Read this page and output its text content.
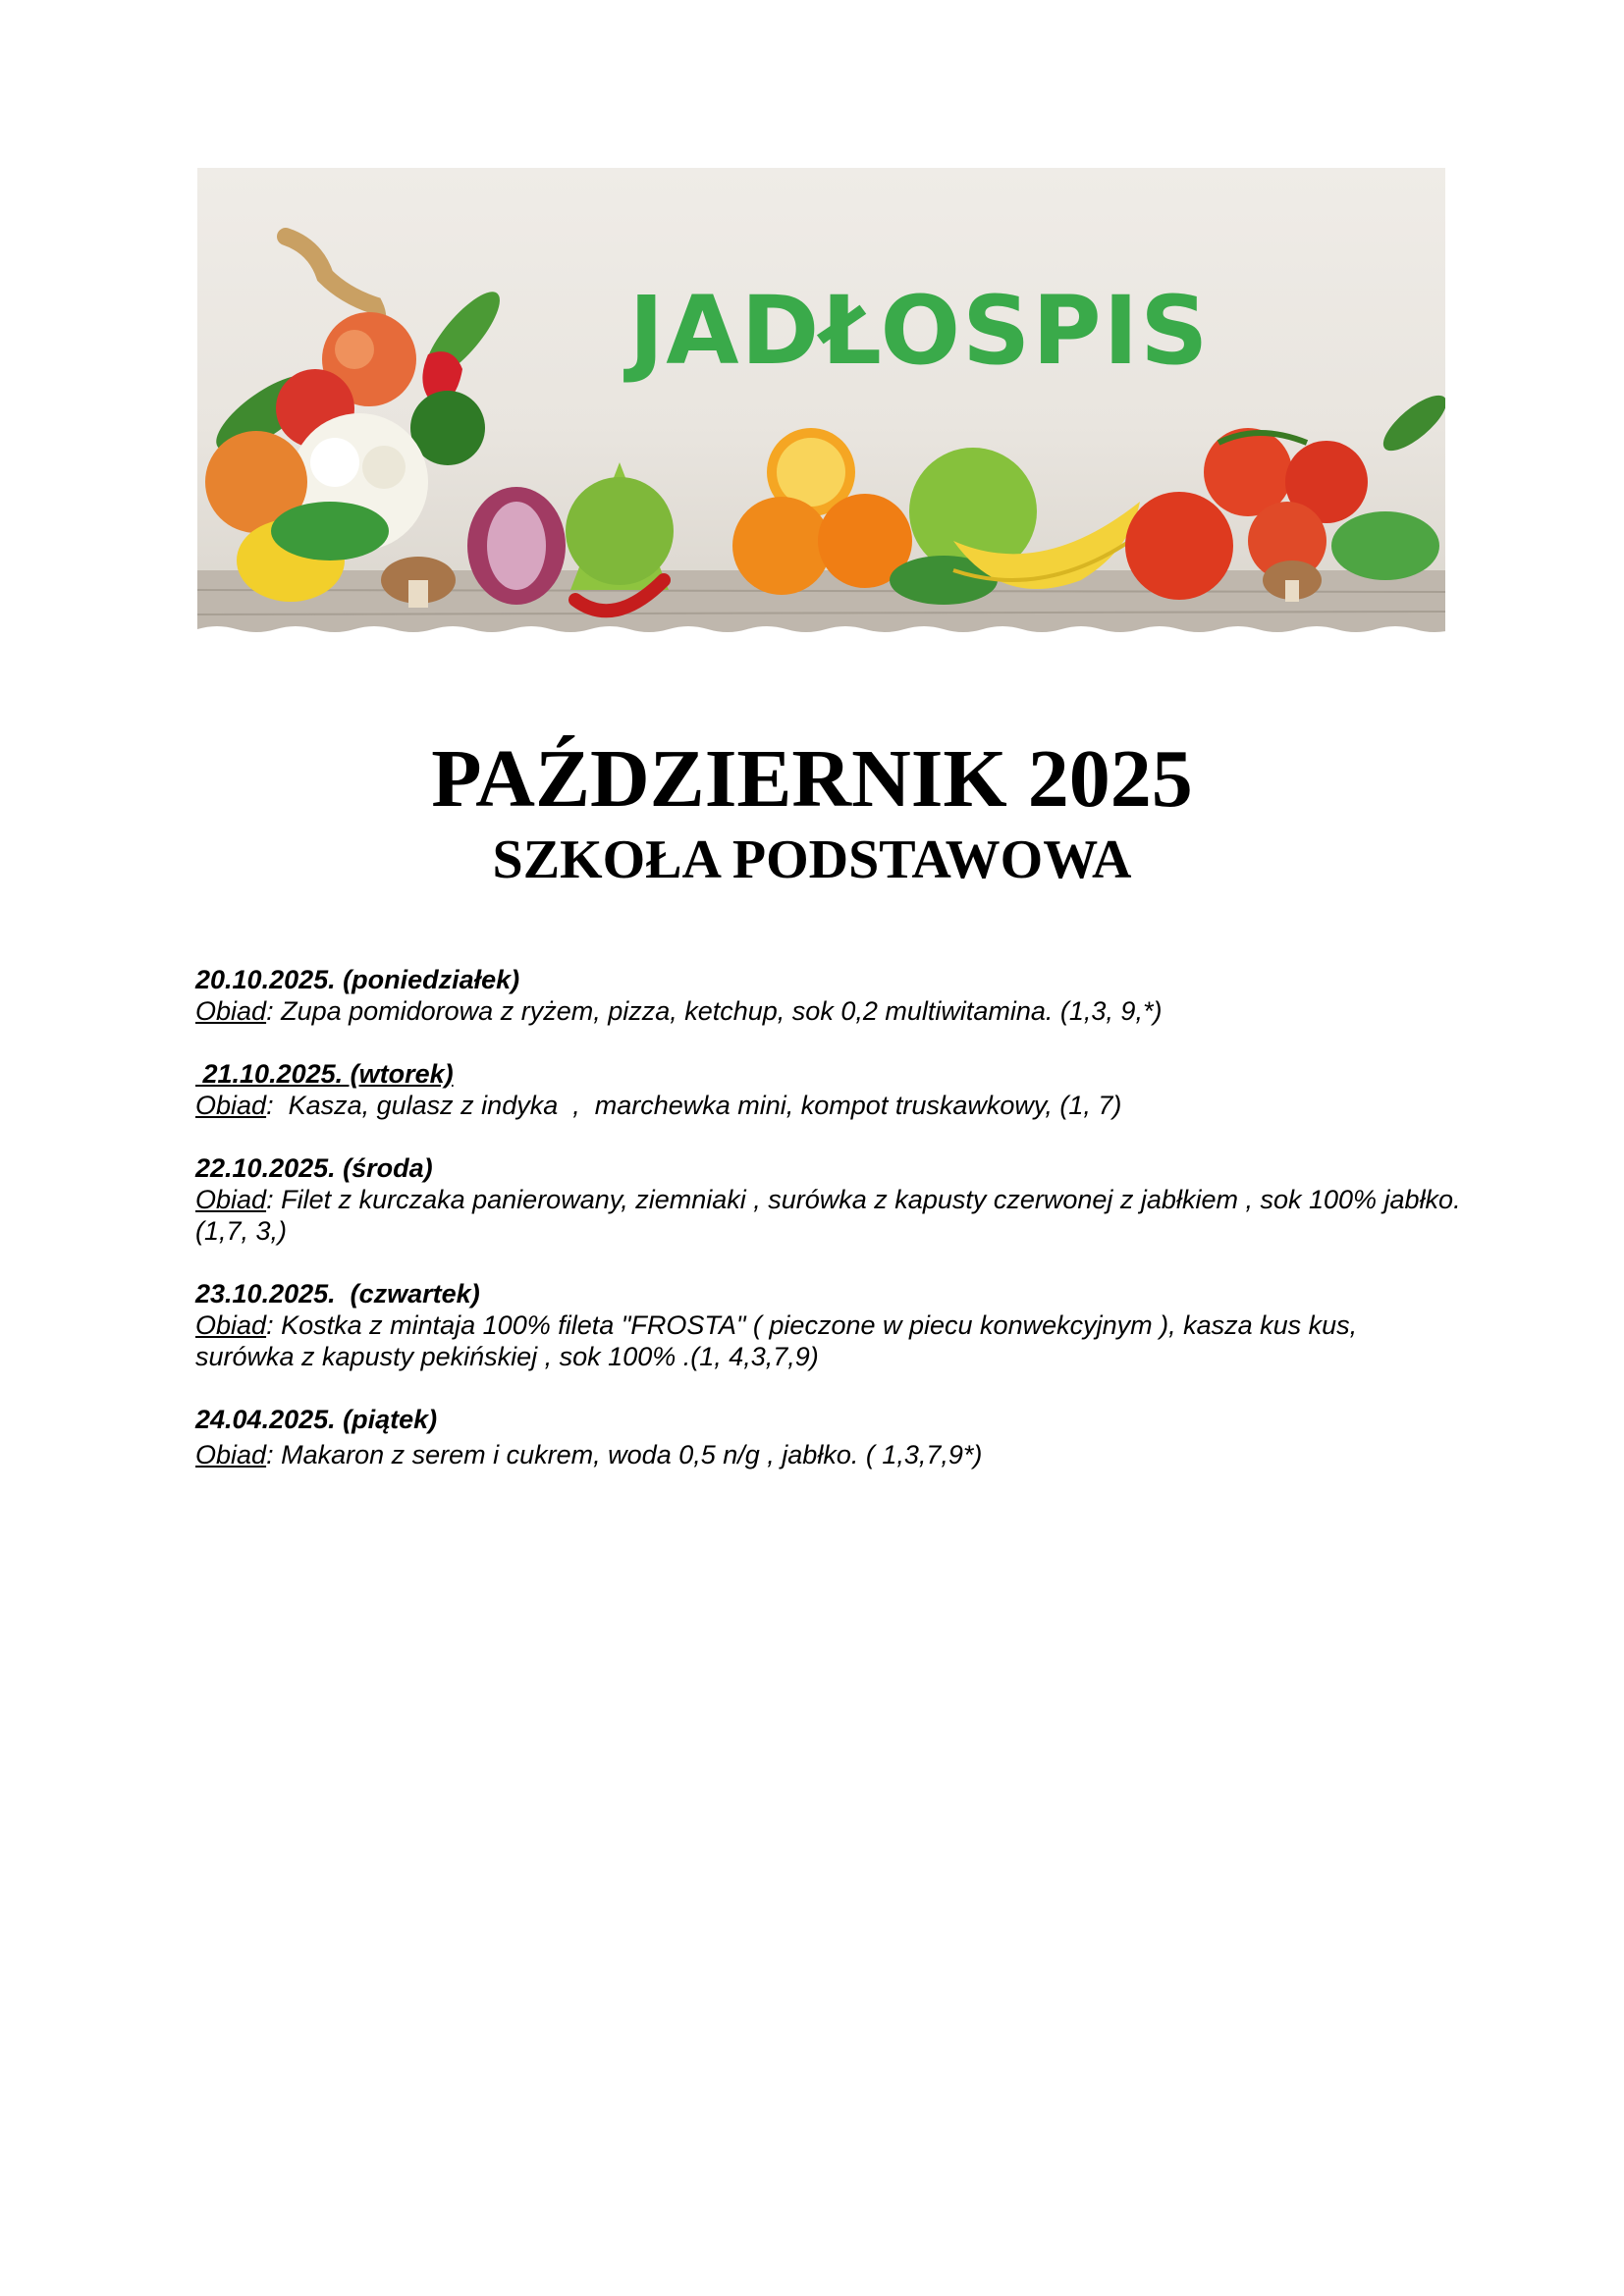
JADŁOSPIS
PAŹDZIERNIK 2025
SZKOŁA PODSTAWOWA
20.10.2025. (poniedziałek)
Obiad: Zupa pomidorowa z ryżem, pizza, ketchup, sok 0,2 multiwitamina. (1,3, 9,*)
21.10.2025. (wtorek)
Obiad:  Kasza, gulasz z indyka  ,  marchewka mini, kompot truskawkowy, (1, 7)
22.10.2025. (środa)
Obiad: Filet z kurczaka panierowany, ziemniaki , surówka z kapusty czerwonej z jabłkiem , sok 100% jabłko.(1,7, 3,)
23.10.2025.  (czwartek)
Obiad: Kostka z mintaja 100% fileta "FROSTA" ( pieczone w piecu konwekcyjnym ), kasza kus kus, surówka z kapusty pekińskiej , sok 100% .(1, 4,3,7,9)
24.04.2025. (piątek)
Obiad: Makaron z serem i cukrem, woda 0,5 n/g , jabłko. ( 1,3,7,9*)
